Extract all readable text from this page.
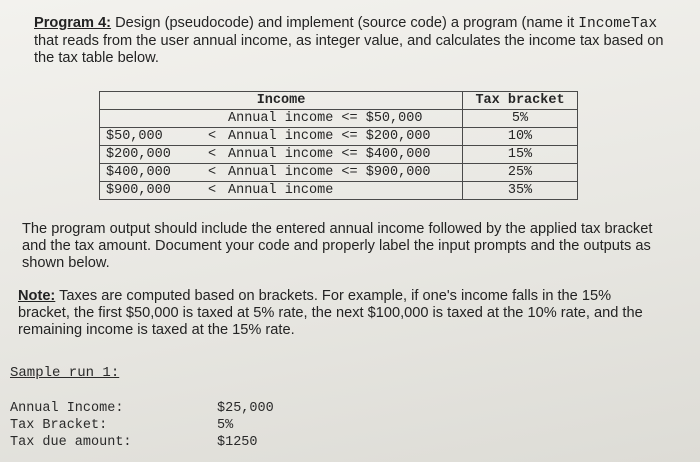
Program 4: Design (pseudocode) and implement (source code) a program (name it IncomeTax
that reads from the user annual income, as integer value, and calculates the income tax based on
the tax table below.
Income	Tax bracket
Annual income <= $50,000	5%
$50,000 < Annual income <= $200,000	10%
$200,000 < Annual income <= $400,000	15%
$400,000 < Annual income <= $900,000	25%
$900,000 < Annual income	35%
The program output should include the entered annual income followed by the applied tax bracket
and the tax amount. Document your code and properly label the input prompts and the outputs as
shown below.
Note: Taxes are computed based on brackets. For example, if one's income falls in the 15%
bracket, the first $50,000 is taxed at 5% rate, the next $100,000 is taxed at the 10% rate, and the
remaining income is taxed at the 15% rate.
Sample run 1:
Annual Income:	$25,000
Tax Bracket:	5%
Tax due amount:	$1250
